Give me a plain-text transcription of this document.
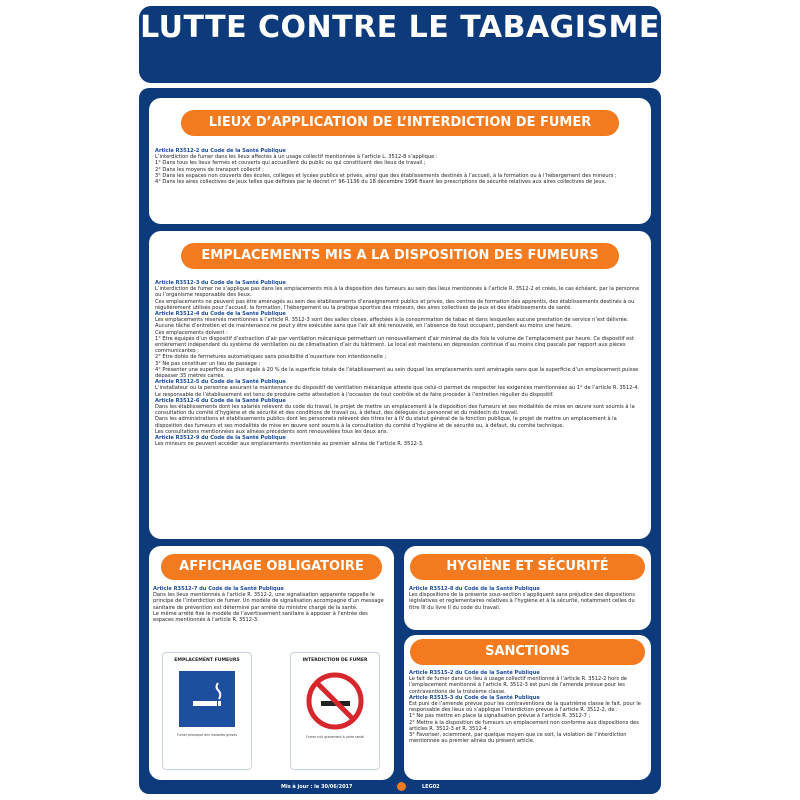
LUTTE CONTRE LE TABAGISME
LIEUX D’APPLICATION DE L’INTERDICTION DE FUMER
Article R3512-2 du Code de la Santé Publique
L’interdiction de fumer dans les lieux affectés à un usage collectif mentionnée à l’article L. 3512-8 s’applique :
1° Dans tous les lieux fermés et couverts qui accueillent du public ou qui constituent des lieux de travail ;
2° Dans les moyens de transport collectif ;
3° Dans les espaces non couverts des écoles, collèges et lycées publics et privés, ainsi que des établissements destinés à l’accueil, à la formation ou à l’hébergement des mineurs ;
4° Dans les aires collectives de jeux telles que définies par le décret n° 96-1136 du 18 décembre 1996 fixant les prescriptions de sécurité relatives aux aires collectives de jeux.
EMPLACEMENTS MIS A LA DISPOSITION DES FUMEURS
Article R3512-3 du Code de la Santé Publique
L’interdiction de fumer ne s’applique pas dans les emplacements mis à la disposition des fumeurs au sein des lieux mentionnés à l’article R. 3512-2 et créés, le cas échéant, par la personne ou l’organisme responsable des lieux.
Ces emplacements ne peuvent pas être aménagés au sein des établissements d’enseignement publics et privés, des centres de formation des apprentis, des établissements destinés à ou régulièrement utilisés pour l’accueil, la formation, l’hébergement ou la pratique sportive des mineurs, des aires collectives de jeux et des établissements de santé.
Article R3512-4 du Code de la Santé Publique
Les emplacements réservés mentionnés à l’article R. 3512-3 sont des salles closes, affectées à la consommation de tabac et dans lesquelles aucune prestation de service n’est délivrée. Aucune tâche d’entretien et de maintenance ne peut y être exécutée sans que l’air ait été renouvelé, en l’absence de tout occupant, pendant au moins une heure.
Ces emplacements doivent :
1° Etre équipés d’un dispositif d’extraction d’air par ventilation mécanique permettant un renouvellement d’air minimal de dix fois le volume de l’emplacement par heure. Ce dispositif est entièrement indépendant du système de ventilation ou de climatisation d’air du bâtiment. Le local est maintenu en dépression continue d’au moins cinq pascals par rapport aux pièces communicantes ;
2° Etre dotés de fermetures automatiques sans possibilité d’ouverture non intentionnelle ;
3° Ne pas constituer un lieu de passage ;
4° Présenter une superficie au plus égale à 20 % de la superficie totale de l’établissement au sein duquel les emplacements sont aménagés sans que la superficie d’un emplacement puisse dépasser 35 mètres carrés.
Article R3512-5 du Code de la Santé Publique
L’installateur ou la personne assurant la maintenance du dispositif de ventilation mécanique atteste que celui-ci permet de respecter les exigences mentionnées au 1° de l’article R. 3512-4.
Le responsable de l’établissement est tenu de produire cette attestation à l’occasion de tout contrôle et de faire procéder à l’entretien régulier du dispositif.
Article R3512-6 du Code de la Santé Publique
Dans les établissements dont les salariés relèvent du code du travail, le projet de mettre un emplacement à la disposition des fumeurs et ses modalités de mise en œuvre sont soumis à la consultation du comité d’hygiène et de sécurité et des conditions de travail ou, à défaut, des délégués du personnel et du médecin du travail.
Dans les administrations et établissements publics dont les personnels relèvent des titres Ier à IV du statut général de la fonction publique, le projet de mettre un emplacement à la disposition des fumeurs et ses modalités de mise en œuvre sont soumis à la consultation du comité d’hygiène et de sécurité ou, à défaut, du comité technique.
Les consultations mentionnées aux alinéas précédents sont renouvelées tous les deux ans.
Article R3512-9 du Code de la Santé Publique
Les mineurs ne peuvent accéder aux emplacements mentionnés au premier alinéa de l’article R. 3512-3.
AFFICHAGE OBLIGATOIRE
Article R3512-7 du Code de la Santé Publique
Dans les lieux mentionnés à l’article R. 3512-2, une signalisation apparente rappelle le principe de l’interdiction de fumer. Un modèle de signalisation accompagné d’un message sanitaire de prévention est déterminé par arrêté du ministre chargé de la santé.
Le même arrêté fixe le modèle de l’avertissement sanitaire à apposer à l’entrée des espaces mentionnés à l’article R. 3512-3.
EMPLACEMENT FUMEURS
Fumer provoque des maladies graves
INTERDICTION DE FUMER
Fumer nuit gravement à votre santé
HYGIÈNE ET SÉCURITÉ
Article R3512-8 du Code de la Santé Publique
Les dispositions de la présente sous-section s’appliquent sans préjudice des dispositions législatives et réglementaires relatives à l’hygiène et à la sécurité, notamment celles du titre III du livre II du code du travail.
SANCTIONS
Article R3515-2 du Code de la Santé Publique
Le fait de fumer dans un lieu à usage collectif mentionné à l’article R. 3512-2 hors de l’emplacement mentionné à l’article R. 3512-3 est puni de l’amende prévue pour les contraventions de la troisième classe.
Article R3515-3 du Code de la Santé Publique
Est puni de l’amende prévue pour les contraventions de la quatrième classe le fait, pour le responsable des lieux où s’applique l’interdiction prévue à l’article R. 3512-2, de :
1° Ne pas mettre en place la signalisation prévue à l’article R. 3512-7 ;
2° Mettre à la disposition de fumeurs un emplacement non conforme aux dispositions des articles R. 3512-3 et R. 3512-4 ;
3° Favoriser, sciemment, par quelque moyen que ce soit, la violation de l’interdiction mentionnée au premier alinéa du présent article.
Mis à jour : le 30/06/2017	LEG02
